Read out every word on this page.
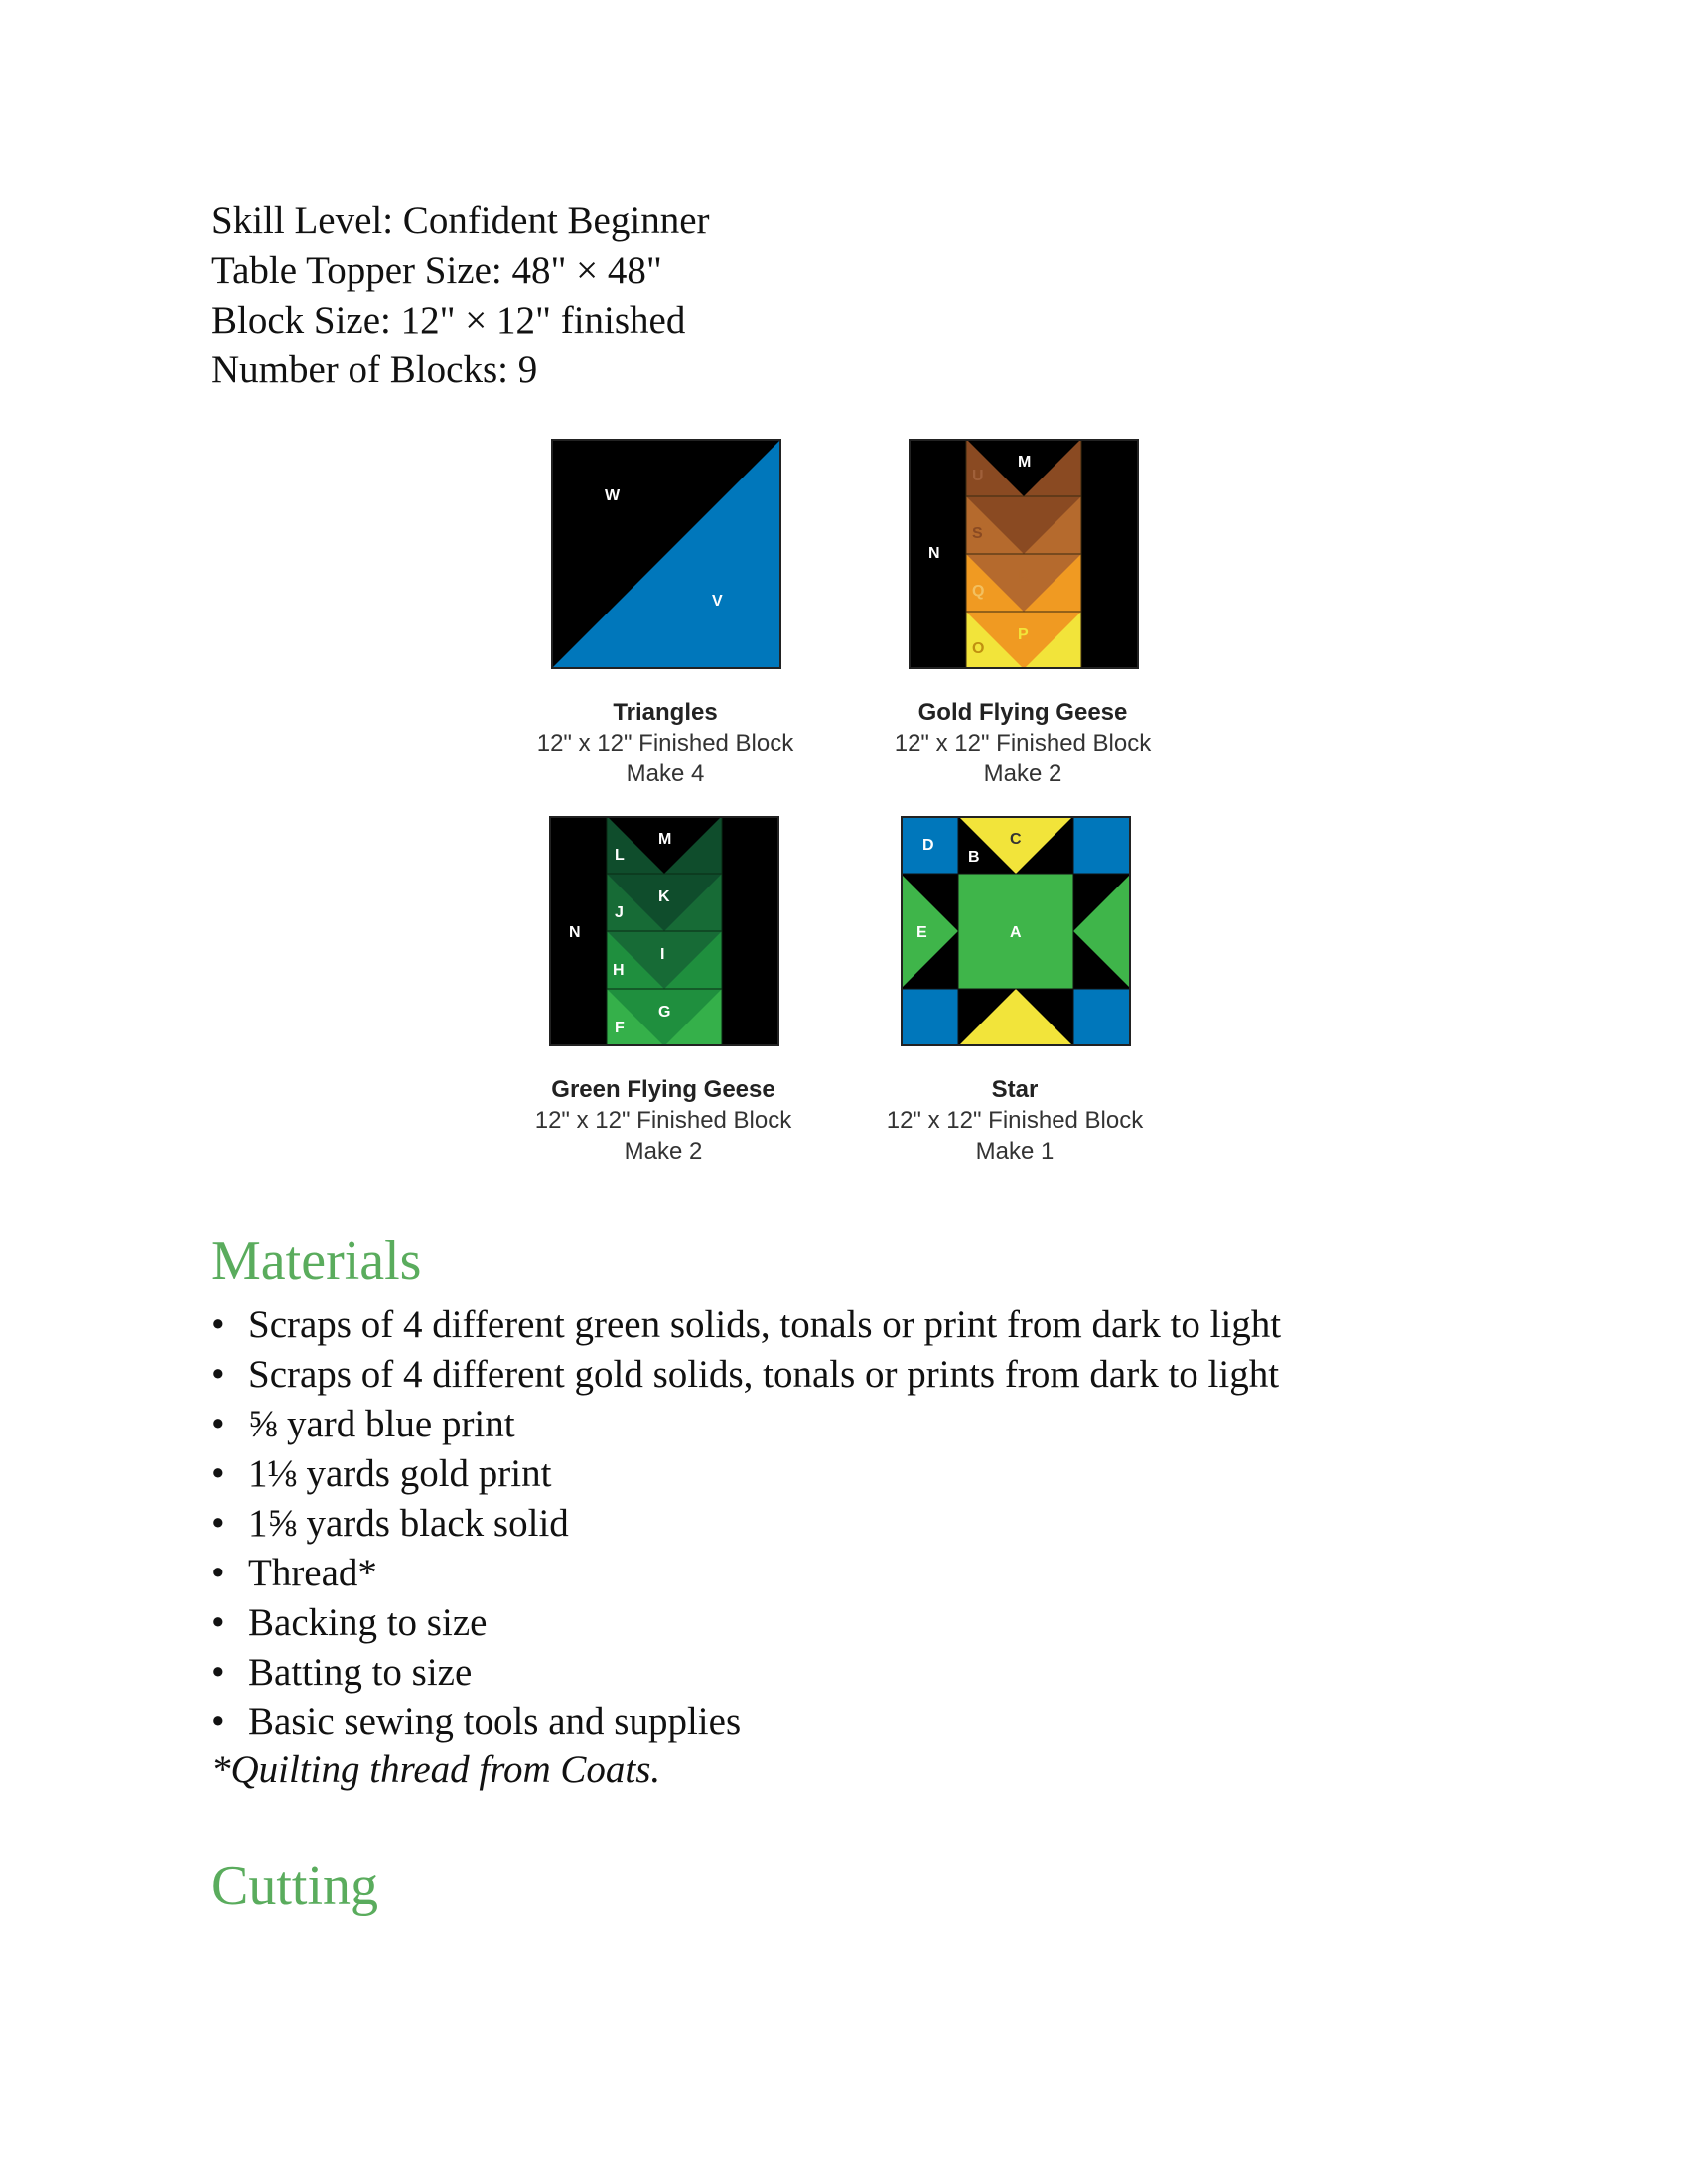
Skill Level: Confident Beginner
Table Topper Size: 48" × 48"
Block Size: 12" × 12" finished
Number of Blocks: 9
W
V
Triangles
12" x 12" Finished Block
Make 4
M
U
N
T
S
R
Q
P
O
Gold Flying Geese
12" x 12" Finished Block
Make 2
M
L
N
K
J
I
H
G
F
Green Flying Geese
12" x 12" Finished Block
Make 2
D
B
C
E	A
Star
12" x 12" Finished Block
Make 1
Materials
• Scraps of 4 different green solids, tonals or print from dark to light
• Scraps of 4 different gold solids, tonals or prints from dark to light
• ⅝ yard blue print
• 1⅛ yards gold print
• 1⅝ yards black solid
• Thread*
• Backing to size
• Batting to size
• Basic sewing tools and supplies
*Quilting thread from Coats.
Cutting
